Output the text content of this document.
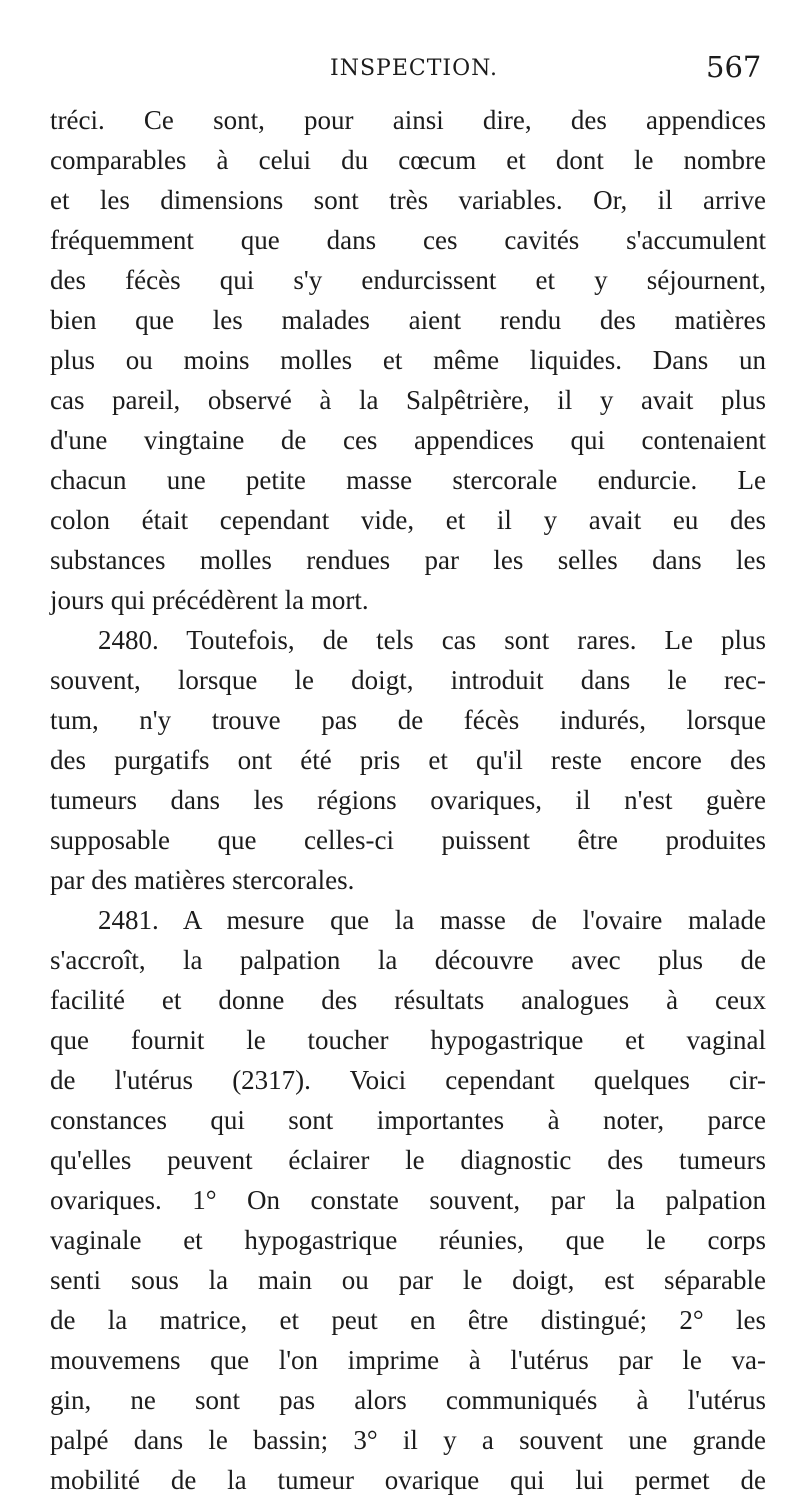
INSPECTION.	567
tréci. Ce sont, pour ainsi dire, des appendices
comparables à celui du cœcum et dont le nombre
et les dimensions sont très variables. Or, il arrive
fréquemment que dans ces cavités s'accumulent
des fécès qui s'y endurcissent et y séjournent,
bien que les malades aient rendu des matières
plus ou moins molles et même liquides. Dans un
cas pareil, observé à la Salpêtrière, il y avait plus
d'une vingtaine de ces appendices qui contenaient
chacun une petite masse stercorale endurcie. Le
colon était cependant vide, et il y avait eu des
substances molles rendues par les selles dans les
jours qui précédèrent la mort.
2480. Toutefois, de tels cas sont rares. Le plus
souvent, lorsque le doigt, introduit dans le rec-
tum, n'y trouve pas de fécès indurés, lorsque
des purgatifs ont été pris et qu'il reste encore des
tumeurs dans les régions ovariques, il n'est guère
supposable que celles-ci puissent être produites
par des matières stercorales.
2481. A mesure que la masse de l'ovaire malade
s'accroît, la palpation la découvre avec plus de
facilité et donne des résultats analogues à ceux
que fournit le toucher hypogastrique et vaginal
de l'utérus (2317). Voici cependant quelques cir-
constances qui sont importantes à noter, parce
qu'elles peuvent éclairer le diagnostic des tumeurs
ovariques. 1° On constate souvent, par la palpation
vaginale et hypogastrique réunies, que le corps
senti sous la main ou par le doigt, est séparable
de la matrice, et peut en être distingué; 2° les
mouvemens que l'on imprime à l'utérus par le va-
gin, ne sont pas alors communiqués à l'utérus
palpé dans le bassin; 3° il y a souvent une grande
mobilité de la tumeur ovarique qui lui permet de
